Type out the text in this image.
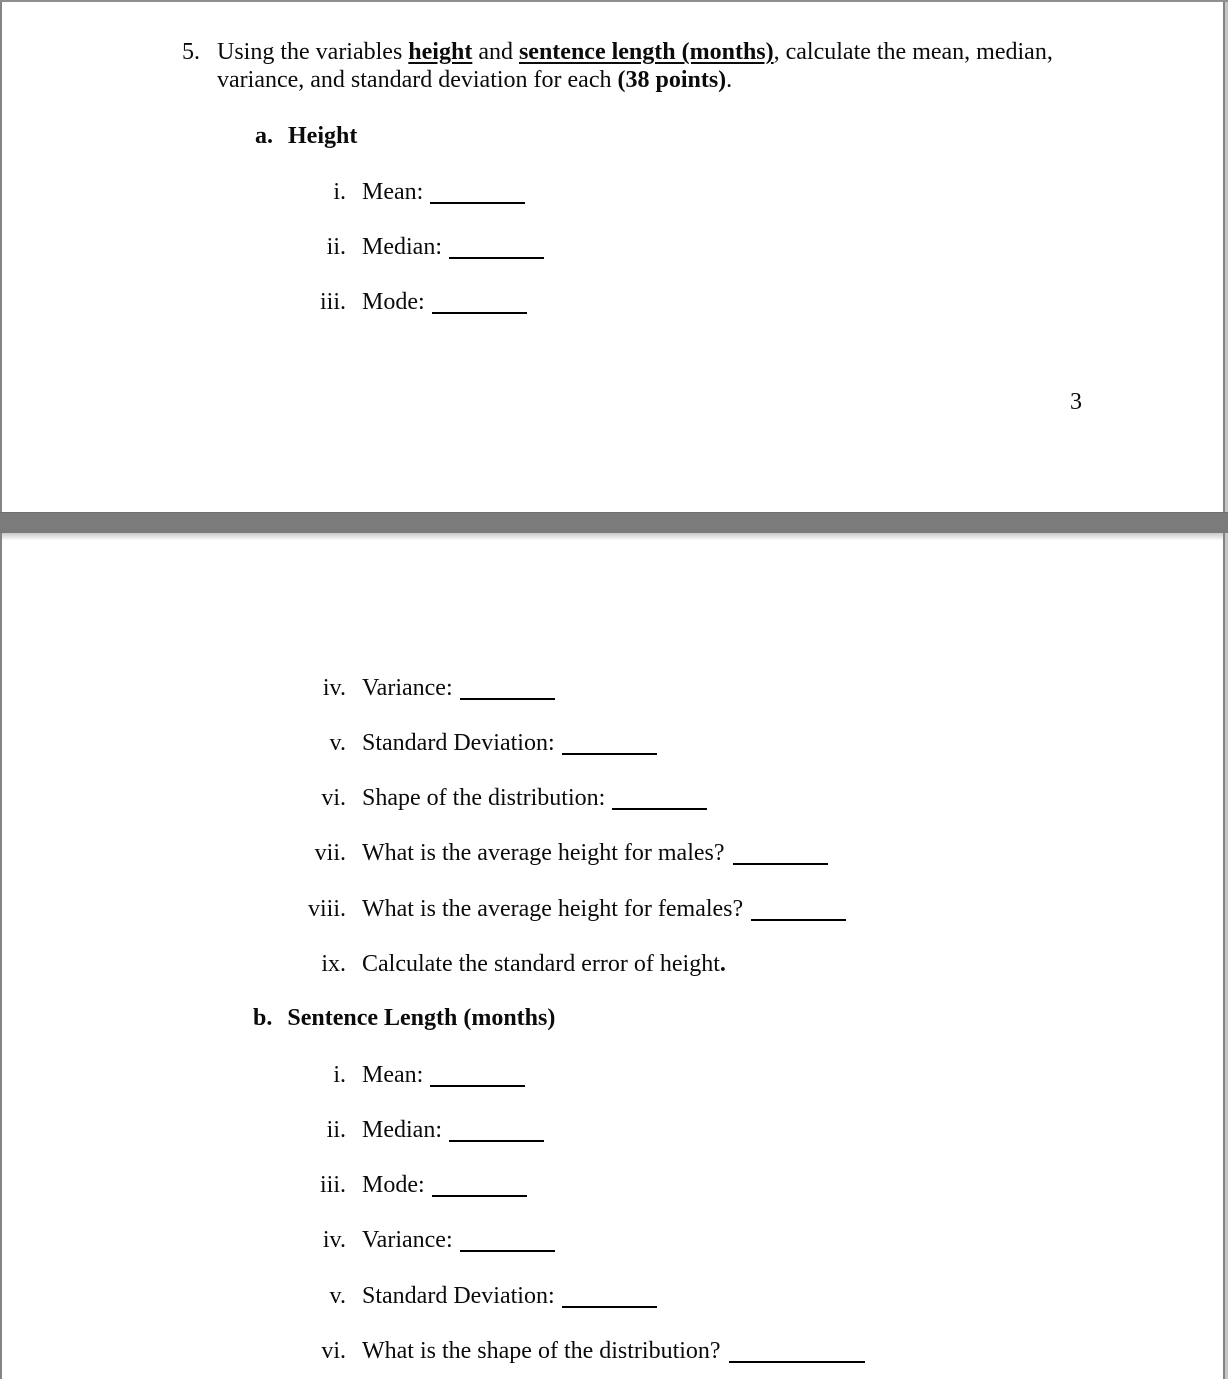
5. Using the variables height and sentence length (months), calculate the mean, median,
variance, and standard deviation for each (38 points).
a. Height
i. Mean:
ii. Median:
iii. Mode:
3
iv. Variance:
v. Standard Deviation:
vi. Shape of the distribution:
vii. What is the average height for males?
viii. What is the average height for females?
ix. Calculate the standard error of height.
b. Sentence Length (months)
i. Mean:
ii. Median:
iii. Mode:
iv. Variance:
v. Standard Deviation:
vi. What is the shape of the distribution?
